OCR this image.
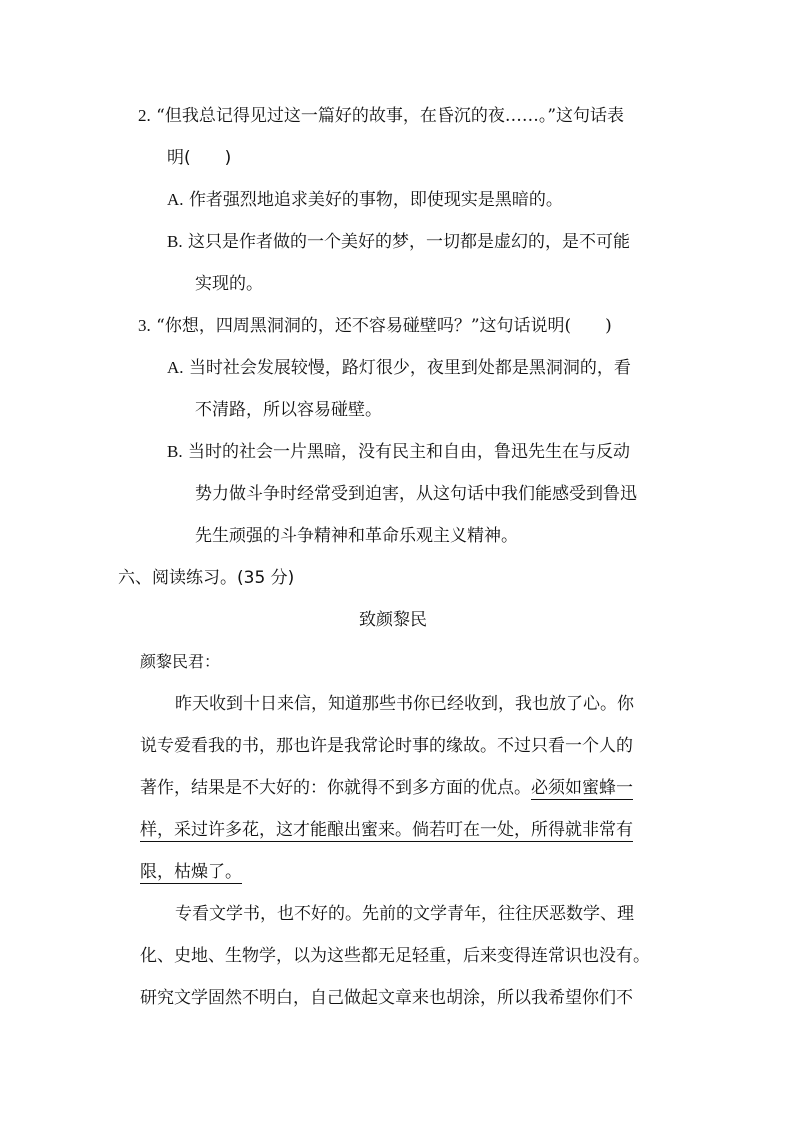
2. “但我总记得见过这一篇好的故事，在昏沉的夜……。”这句话表
明(　　)
A. 作者强烈地追求美好的事物，即使现实是黑暗的。
B. 这只是作者做的一个美好的梦，一切都是虚幻的，是不可能
实现的。
3. “你想，四周黑洞洞的，还不容易碰壁吗？”这句话说明(　　)
A. 当时社会发展较慢，路灯很少，夜里到处都是黑洞洞的，看
不清路，所以容易碰壁。
B. 当时的社会一片黑暗，没有民主和自由，鲁迅先生在与反动
势力做斗争时经常受到迫害，从这句话中我们能感受到鲁迅
先生顽强的斗争精神和革命乐观主义精神。
六、阅读练习。(35 分)
致颜黎民
颜黎民君：
昨天收到十日来信，知道那些书你已经收到，我也放了心。你
说专爱看我的书，那也许是我常论时事的缘故。不过只看一个人的
著作，结果是不大好的：你就得不到多方面的优点。必须如蜜蜂一
样，采过许多花，这才能酿出蜜来。倘若叮在一处，所得就非常有
限，枯燥了。
专看文学书，也不好的。先前的文学青年，往往厌恶数学、理
化、史地、生物学，以为这些都无足轻重，后来变得连常识也没有。
研究文学固然不明白，自己做起文章来也胡涂，所以我希望你们不
